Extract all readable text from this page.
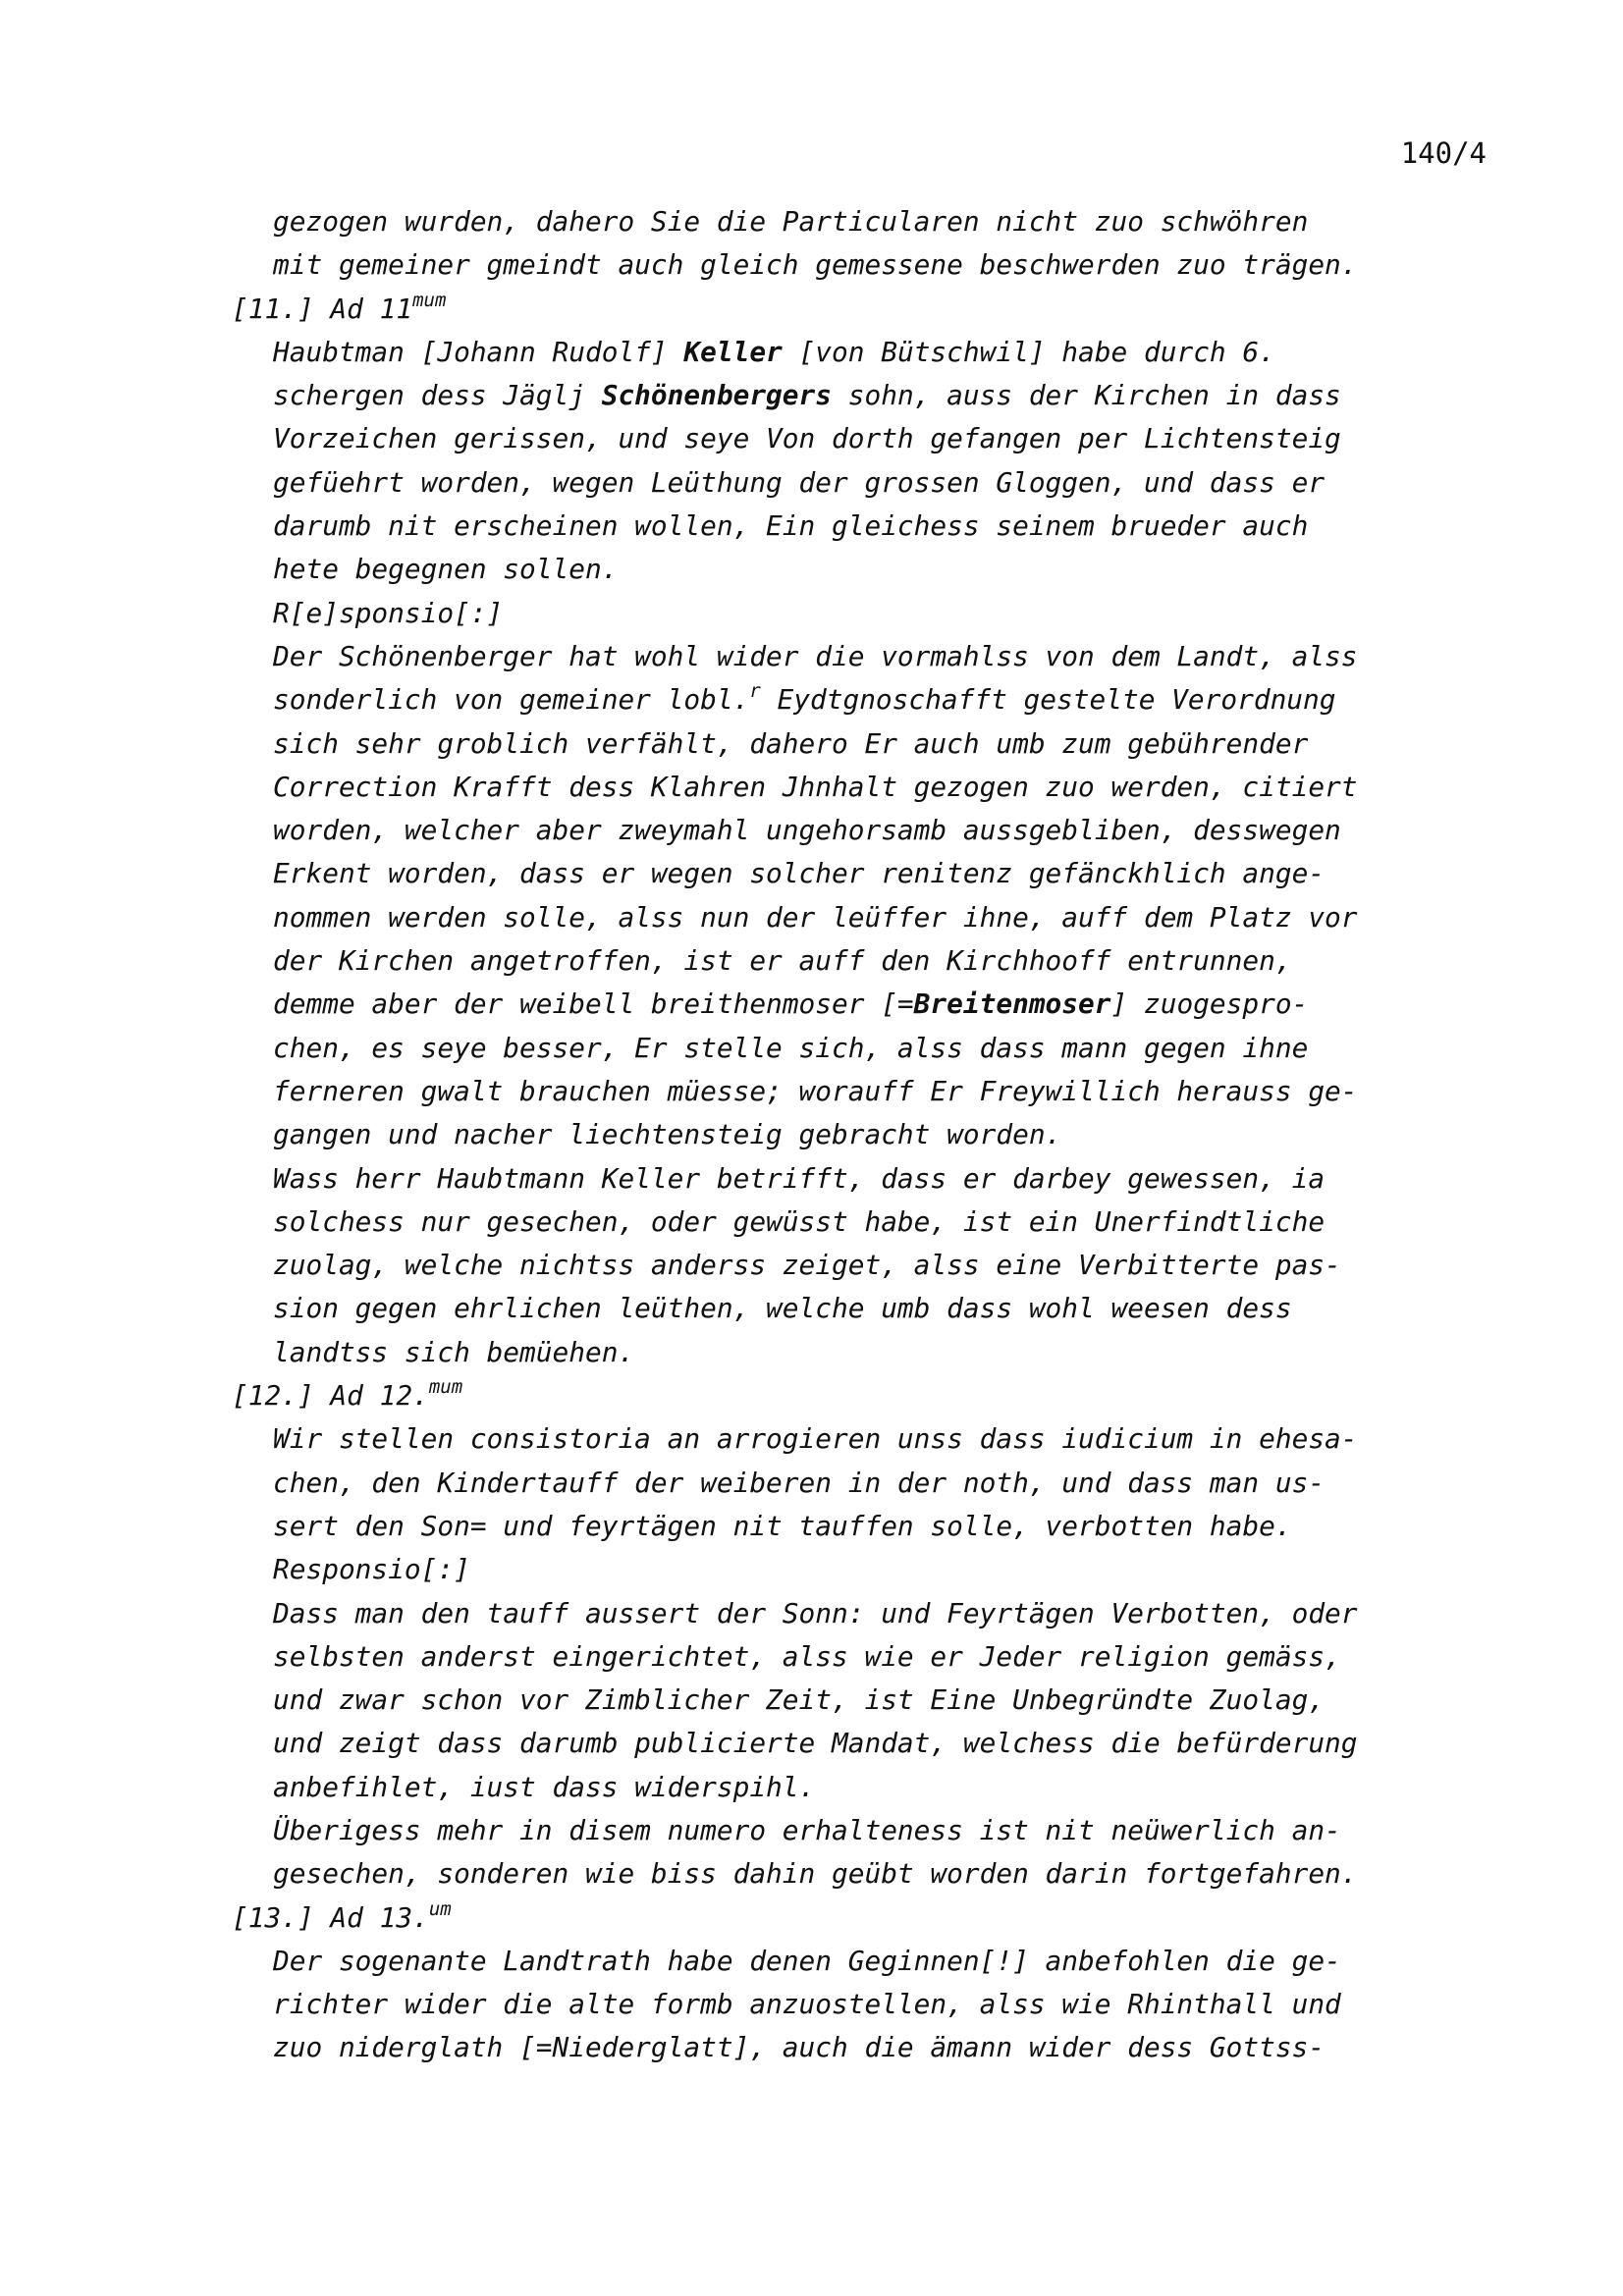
140/4
gezogen wurden, dahero Sie die Particularen nicht zuo schwöhren
mit gemeiner gmeindt auch gleich gemessene beschwerden zuo trägen.
[11.] Ad $11^{mum}$
Haubtman [Johann Rudolf] Keller [von Bütschwil] habe durch 6.
schergen dess Jäglj Schönenbergers sohn, auss der Kirchen in dass
Vorzeichen gerissen, und seye Von dorth gefangen per Lichtensteig
gefüehrt worden, wegen Leüthung der grossen Gloggen, und dass er
darumb nit erscheinen wollen, Ein gleichess seinem brueder auch
hete begegnen sollen.
R[e]sponsio[:]
Der Schönenberger hat wohl wider die vormahlss von dem Landt, alss
sonderlich von gemeiner lobl.$^r$ Eydtgnoschafft gestelte Verordnung
sich sehr groblich verfählt, dahero Er auch umb zum gebührender
Correction Krafft dess Klahren Jhnhalt gezogen zuo werden, citiert
worden, welcher aber zweymahl ungehorsamb aussgebliben, desswegen
Erkent worden, dass er wegen solcher renitenz gefänckhlich ange-
nommen werden solle, alss nun der leüffer ihne, auff dem Platz vor
der Kirchen angetroffen, ist er auff den Kirchhooff entrunnen,
demme aber der weibell breithenmoser [=Breitenmoser] zuogespro-
chen, es seye besser, Er stelle sich, alss dass mann gegen ihne
ferneren gwalt brauchen müesse; worauff Er Freywillich herauss ge-
gangen und nacher liechtensteig gebracht worden.
Wass herr Haubtmann Keller betrifft, dass er darbey gewessen, ia
solchess nur gesechen, oder gewüsst habe, ist ein Unerfindtliche
zuolag, welche nichtss anderss zeiget, alss eine Verbitterte pas-
sion gegen ehrlichen leüthen, welche umb dass wohl weesen dess
landtss sich bemüehen.
[12.] Ad 12.$^{mum}$
Wir stellen consistoria an arrogieren unss dass iudicium in ehesa-
chen, den Kindertauff der weiberen in der noth, und dass man us-
sert den Son= und feyrtägen nit tauffen solle, verbotten habe.
Responsio[:]
Dass man den tauff aussert der Sonn: und Feyrtägen Verbotten, oder
selbsten anderst eingerichtet, alss wie er Jeder religion gemäss,
und zwar schon vor Zimblicher Zeit, ist Eine Unbegründte Zuolag,
und zeigt dass darumb publicierte Mandat, welchess die befürderung
anbefihlet, iust dass widerspihl.
Überigess mehr in disem numero erhalteness ist nit neüwerlich an-
gesechen, sonderen wie biss dahin geübt worden darin fortgefahren.
[13.] Ad 13.$^{um}$
Der sogenante Landtrath habe denen Geginnen[!] anbefohlen die ge-
richter wider die alte formb anzuostellen, alss wie Rhinthall und
zuo niderglath [=Niederglatt], auch die ämann wider dess Gottss-
